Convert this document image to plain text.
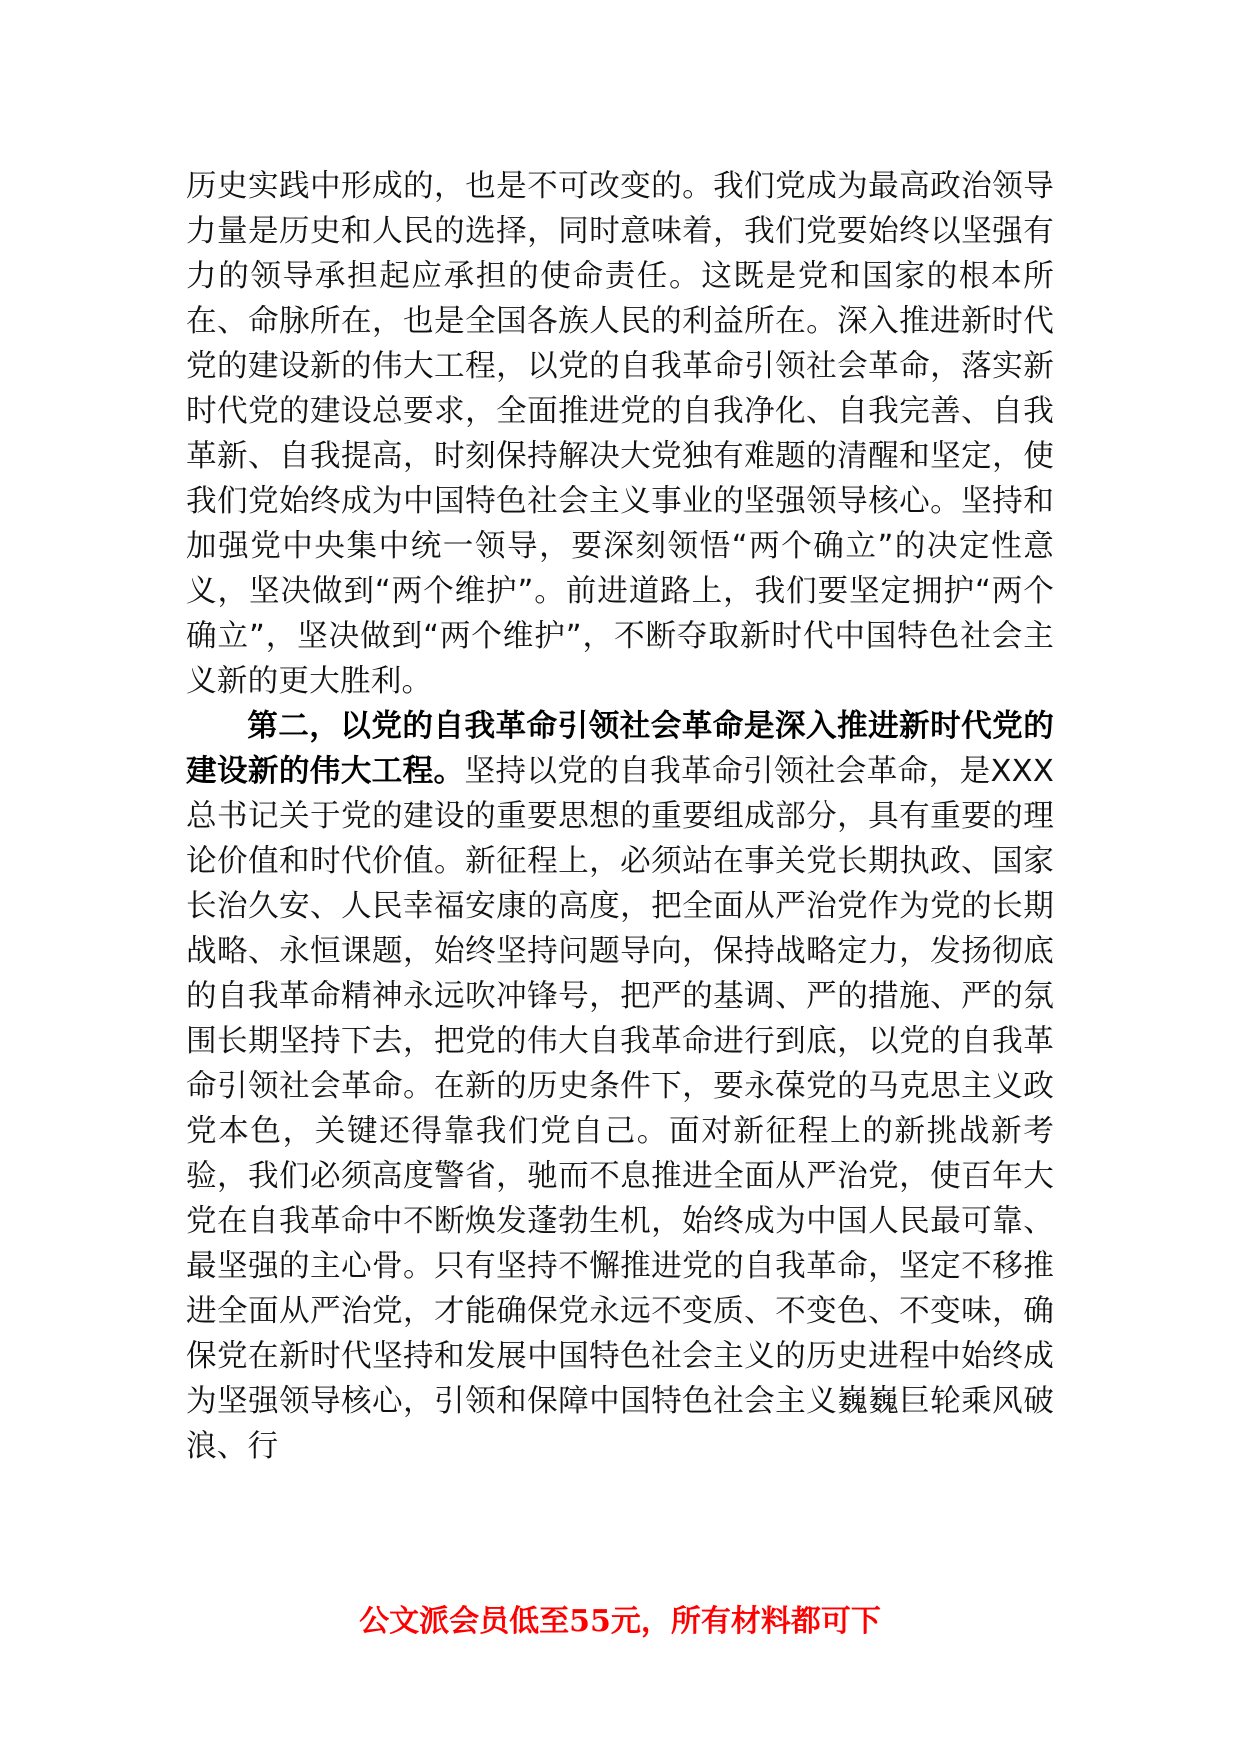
历史实践中形成的，也是不可改变的。我们党成为最高政治领导力量是历史和人民的选择，同时意味着，我们党要始终以坚强有力的领导承担起应承担的使命责任。这既是党和国家的根本所在、命脉所在，也是全国各族人民的利益所在。深入推进新时代党的建设新的伟大工程，以党的自我革命引领社会革命，落实新时代党的建设总要求，全面推进党的自我净化、自我完善、自我革新、自我提高，时刻保持解决大党独有难题的清醒和坚定，使我们党始终成为中国特色社会主义事业的坚强领导核心。坚持和加强党中央集中统一领导，要深刻领悟“两个确立”的决定性意义，坚决做到“两个维护”。前进道路上，我们要坚定拥护“两个确立”，坚决做到“两个维护”，不断夺取新时代中国特色社会主义新的更大胜利。

第二，以党的自我革命引领社会革命是深入推进新时代党的建设新的伟大工程。坚持以党的自我革命引领社会革命，是XXX总书记关于党的建设的重要思想的重要组成部分，具有重要的理论价值和时代价值。新征程上，必须站在事关党长期执政、国家长治久安、人民幸福安康的高度，把全面从严治党作为党的长期战略、永恒课题，始终坚持问题导向，保持战略定力，发扬彻底的自我革命精神永远吹冲锋号，把严的基调、严的措施、严的氛围长期坚持下去，把党的伟大自我革命进行到底，以党的自我革命引领社会革命。在新的历史条件下，要永葆党的马克思主义政党本色，关键还得靠我们党自己。面对新征程上的新挑战新考验，我们必须高度警省，驰而不息推进全面从严治党，使百年大党在自我革命中不断焕发蓬勃生机，始终成为中国人民最可靠、最坚强的主心骨。只有坚持不懈推进党的自我革命，坚定不移推进全面从严治党，才能确保党永远不变质、不变色、不变味，确保党在新时代坚持和发展中国特色社会主义的历史进程中始终成为坚强领导核心，引领和保障中国特色社会主义巍巍巨轮乘风破浪、行

公文派会员低至55元，所有材料都可下
